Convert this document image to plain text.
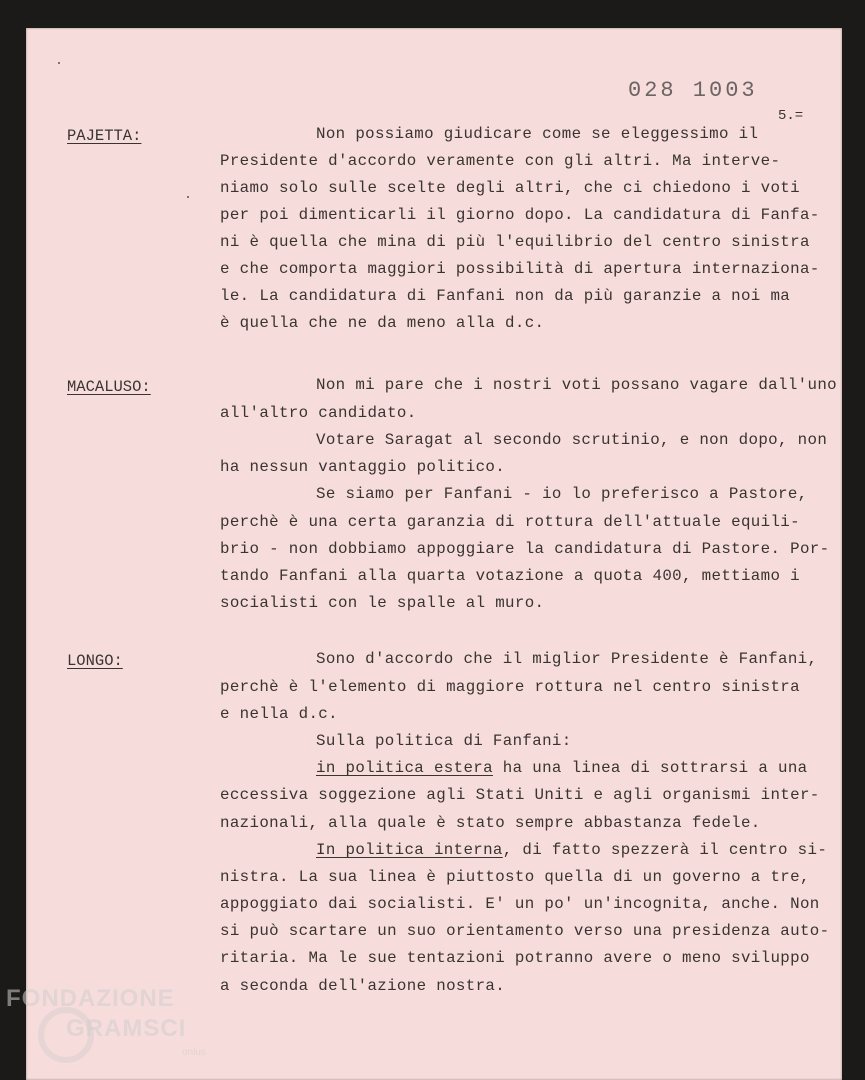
028 1003
5.=
PAJETTA:	Non possiamo giudicare come se eleggessimo il
Presidente d'accordo veramente con gli altri. Ma interve-
niamo solo sulle scelte degli altri, che ci chiedono i voti
per poi dimenticarli il giorno dopo. La candidatura di Fanfa-
ni è quella che mina di più l'equilibrio del centro sinistra
e che comporta maggiori possibilità di apertura internaziona-
le. La candidatura di Fanfani non da più garanzie a noi ma
è quella che ne da meno alla d.c.
MACALUSO:	Non mi pare che i nostri voti possano vagare dall'uno
all'altro candidato.
Votare Saragat al secondo scrutinio, e non dopo, non
ha nessun vantaggio politico.
Se siamo per Fanfani - io lo preferisco a Pastore,
perchè è una certa garanzia di rottura dell'attuale equili-
brio - non dobbiamo appoggiare la candidatura di Pastore. Por-
tando Fanfani alla quarta votazione a quota 400, mettiamo i
socialisti con le spalle al muro.
LONGO:	Sono d'accordo che il miglior Presidente è Fanfani,
perchè è l'elemento di maggiore rottura nel centro sinistra
e nella d.c.
Sulla politica di Fanfani:
in politica estera ha una linea di sottrarsi a una
eccessiva soggezione agli Stati Uniti e agli organismi inter-
nazionali, alla quale è stato sempre abbastanza fedele.
In politica interna, di fatto spezzerà il centro si-
nistra. La sua linea è piuttosto quella di un governo a tre,
appoggiato dai socialisti. E' un po' un'incognita, anche. Non
si può scartare un suo orientamento verso una presidenza auto-
ritaria. Ma le sue tentazioni potranno avere o meno sviluppo
a seconda dell'azione nostra.
FONDAZIONE
GRAMSCI
onlus
